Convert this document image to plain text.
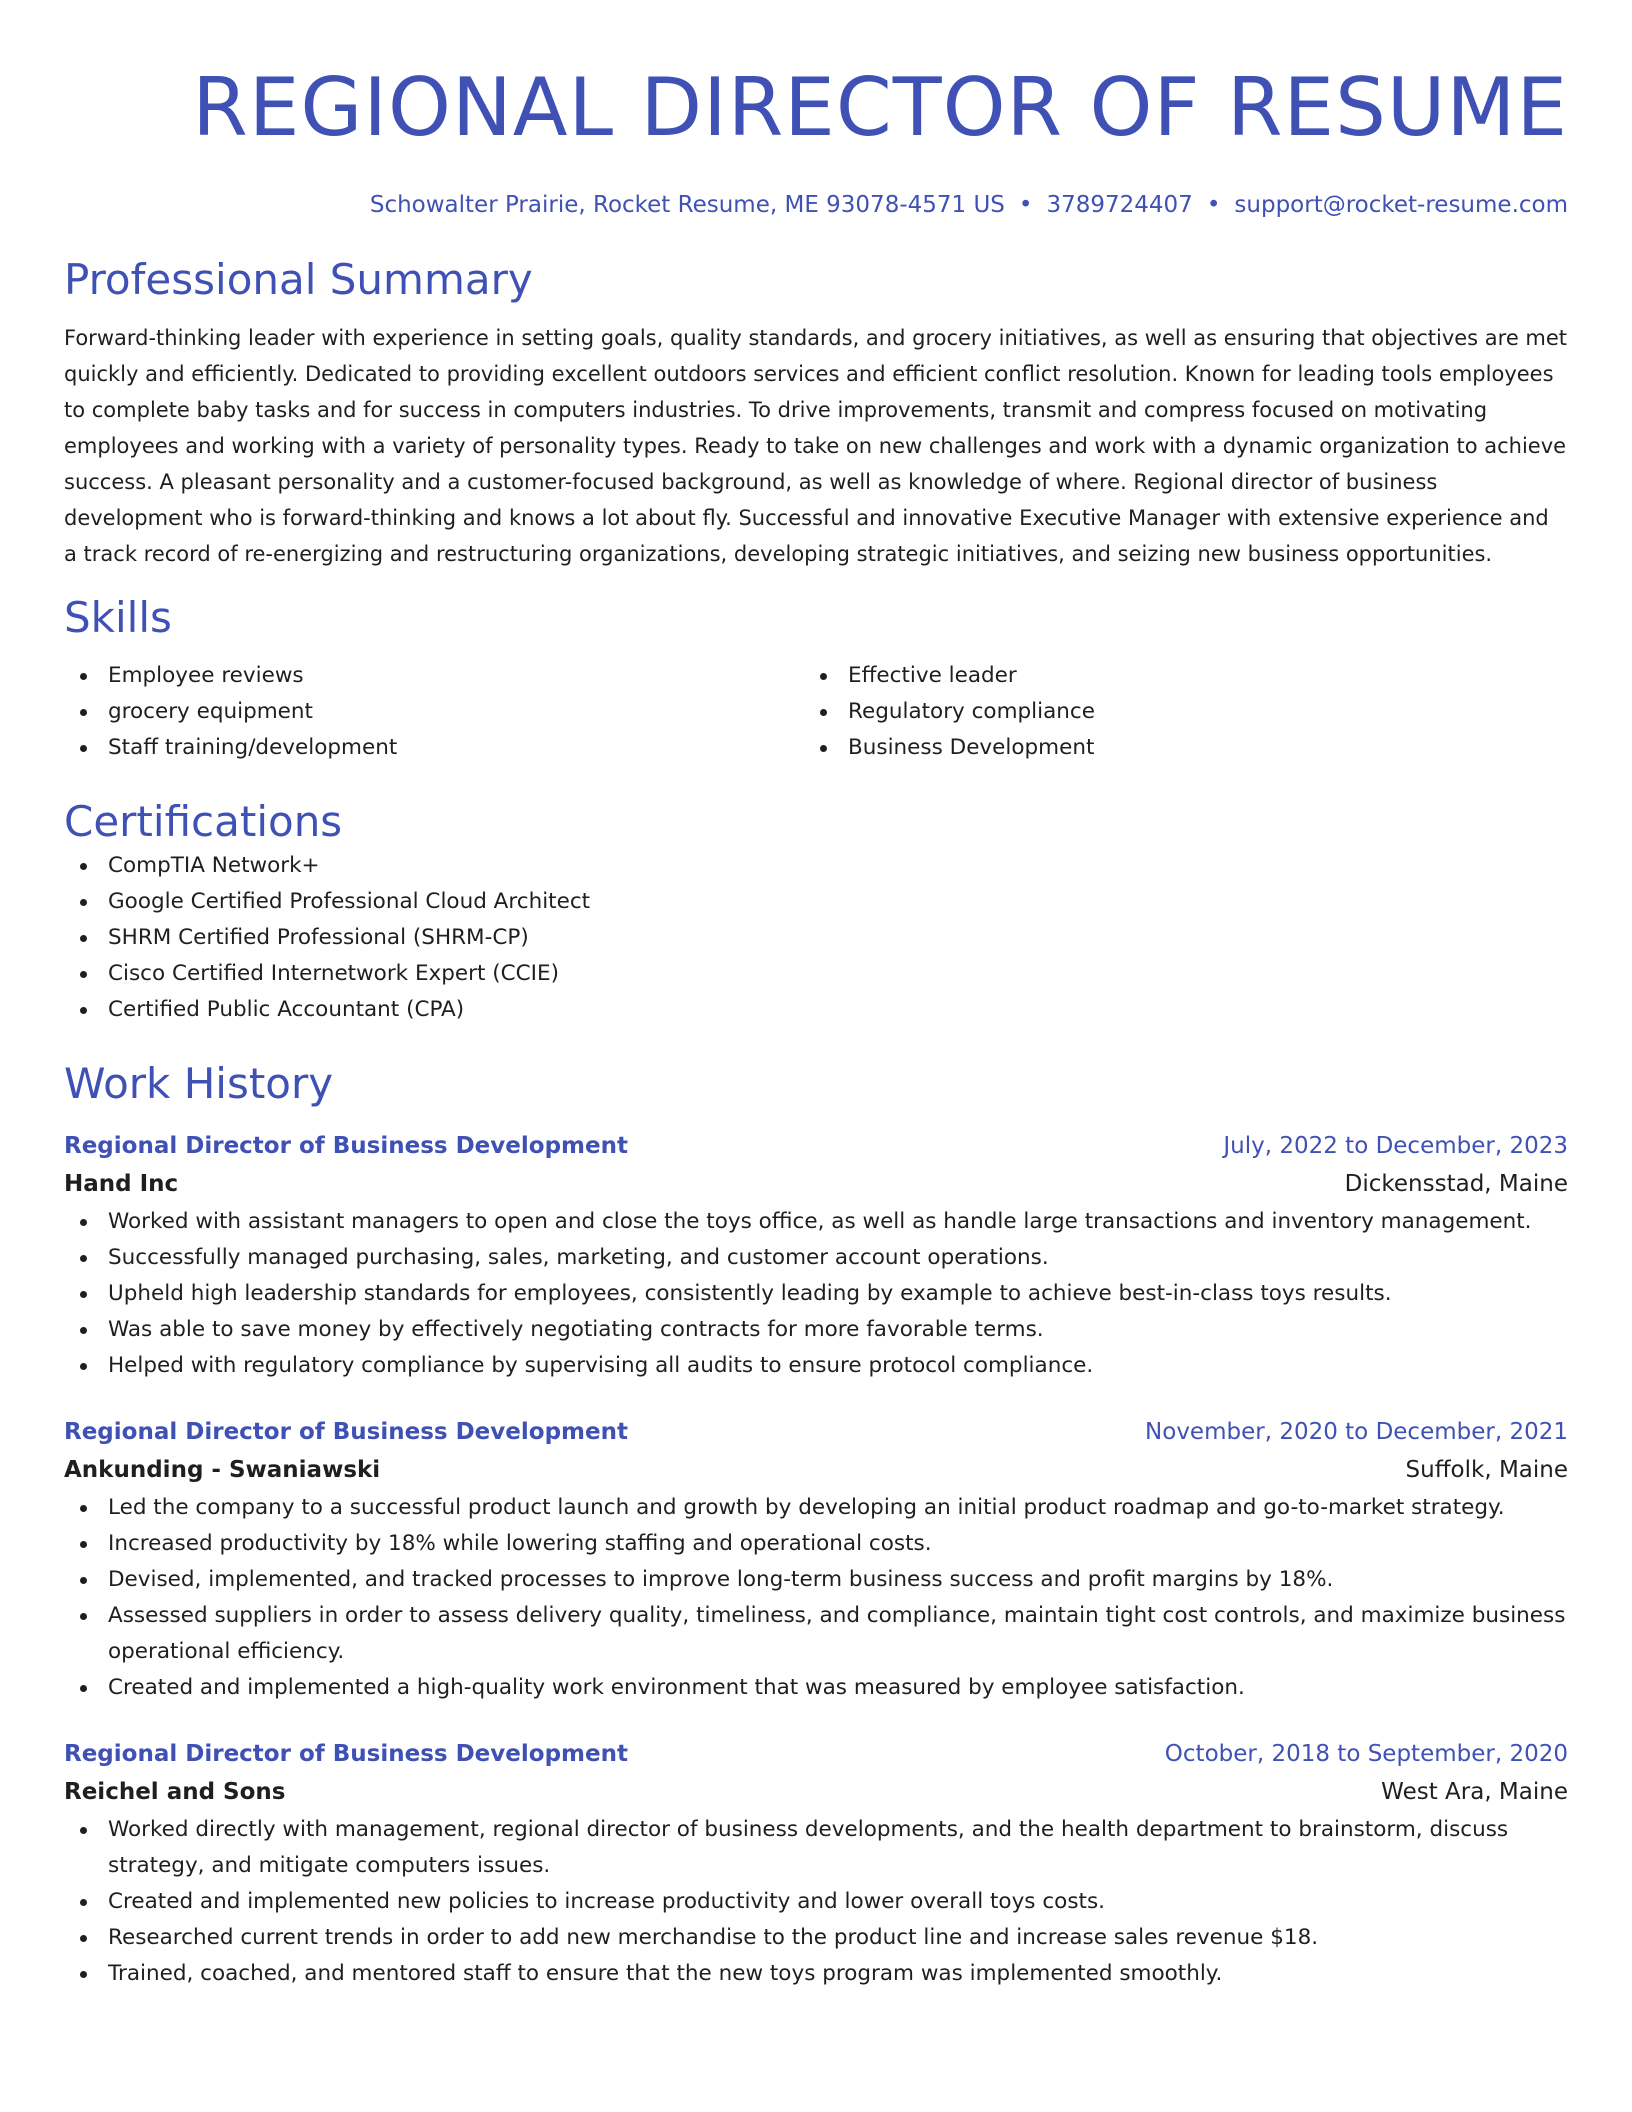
REGIONAL DIRECTOR OF RESUME
Schowalter Prairie, Rocket Resume, ME 93078-4571 US • 3789724407 • support@rocket-resume.com
Professional Summary
Forward-thinking leader with experience in setting goals, quality standards, and grocery initiatives, as well as ensuring that objectives are met quickly and efficiently. Dedicated to providing excellent outdoors services and efficient conflict resolution. Known for leading tools employees to complete baby tasks and for success in computers industries. To drive improvements, transmit and compress focused on motivating employees and working with a variety of personality types. Ready to take on new challenges and work with a dynamic organization to achieve success. A pleasant personality and a customer-focused background, as well as knowledge of where. Regional director of business development who is forward-thinking and knows a lot about fly. Successful and innovative Executive Manager with extensive experience and a track record of re-energizing and restructuring organizations, developing strategic initiatives, and seizing new business opportunities.
Skills
Employee reviews
grocery equipment
Staff training/development
Effective leader
Regulatory compliance
Business Development
Certifications
CompTIA Network+
Google Certified Professional Cloud Architect
SHRM Certified Professional (SHRM-CP)
Cisco Certified Internetwork Expert (CCIE)
Certified Public Accountant (CPA)
Work History
Regional Director of Business Development	July, 2022 to December, 2023
Hand Inc	Dickensstad, Maine
Worked with assistant managers to open and close the toys office, as well as handle large transactions and inventory management.
Successfully managed purchasing, sales, marketing, and customer account operations.
Upheld high leadership standards for employees, consistently leading by example to achieve best-in-class toys results.
Was able to save money by effectively negotiating contracts for more favorable terms.
Helped with regulatory compliance by supervising all audits to ensure protocol compliance.
Regional Director of Business Development	November, 2020 to December, 2021
Ankunding - Swaniawski	Suffolk, Maine
Led the company to a successful product launch and growth by developing an initial product roadmap and go-to-market strategy.
Increased productivity by 18% while lowering staffing and operational costs.
Devised, implemented, and tracked processes to improve long-term business success and profit margins by 18%.
Assessed suppliers in order to assess delivery quality, timeliness, and compliance, maintain tight cost controls, and maximize business operational efficiency.
Created and implemented a high-quality work environment that was measured by employee satisfaction.
Regional Director of Business Development	October, 2018 to September, 2020
Reichel and Sons	West Ara, Maine
Worked directly with management, regional director of business developments, and the health department to brainstorm, discuss strategy, and mitigate computers issues.
Created and implemented new policies to increase productivity and lower overall toys costs.
Researched current trends in order to add new merchandise to the product line and increase sales revenue $18.
Trained, coached, and mentored staff to ensure that the new toys program was implemented smoothly.
